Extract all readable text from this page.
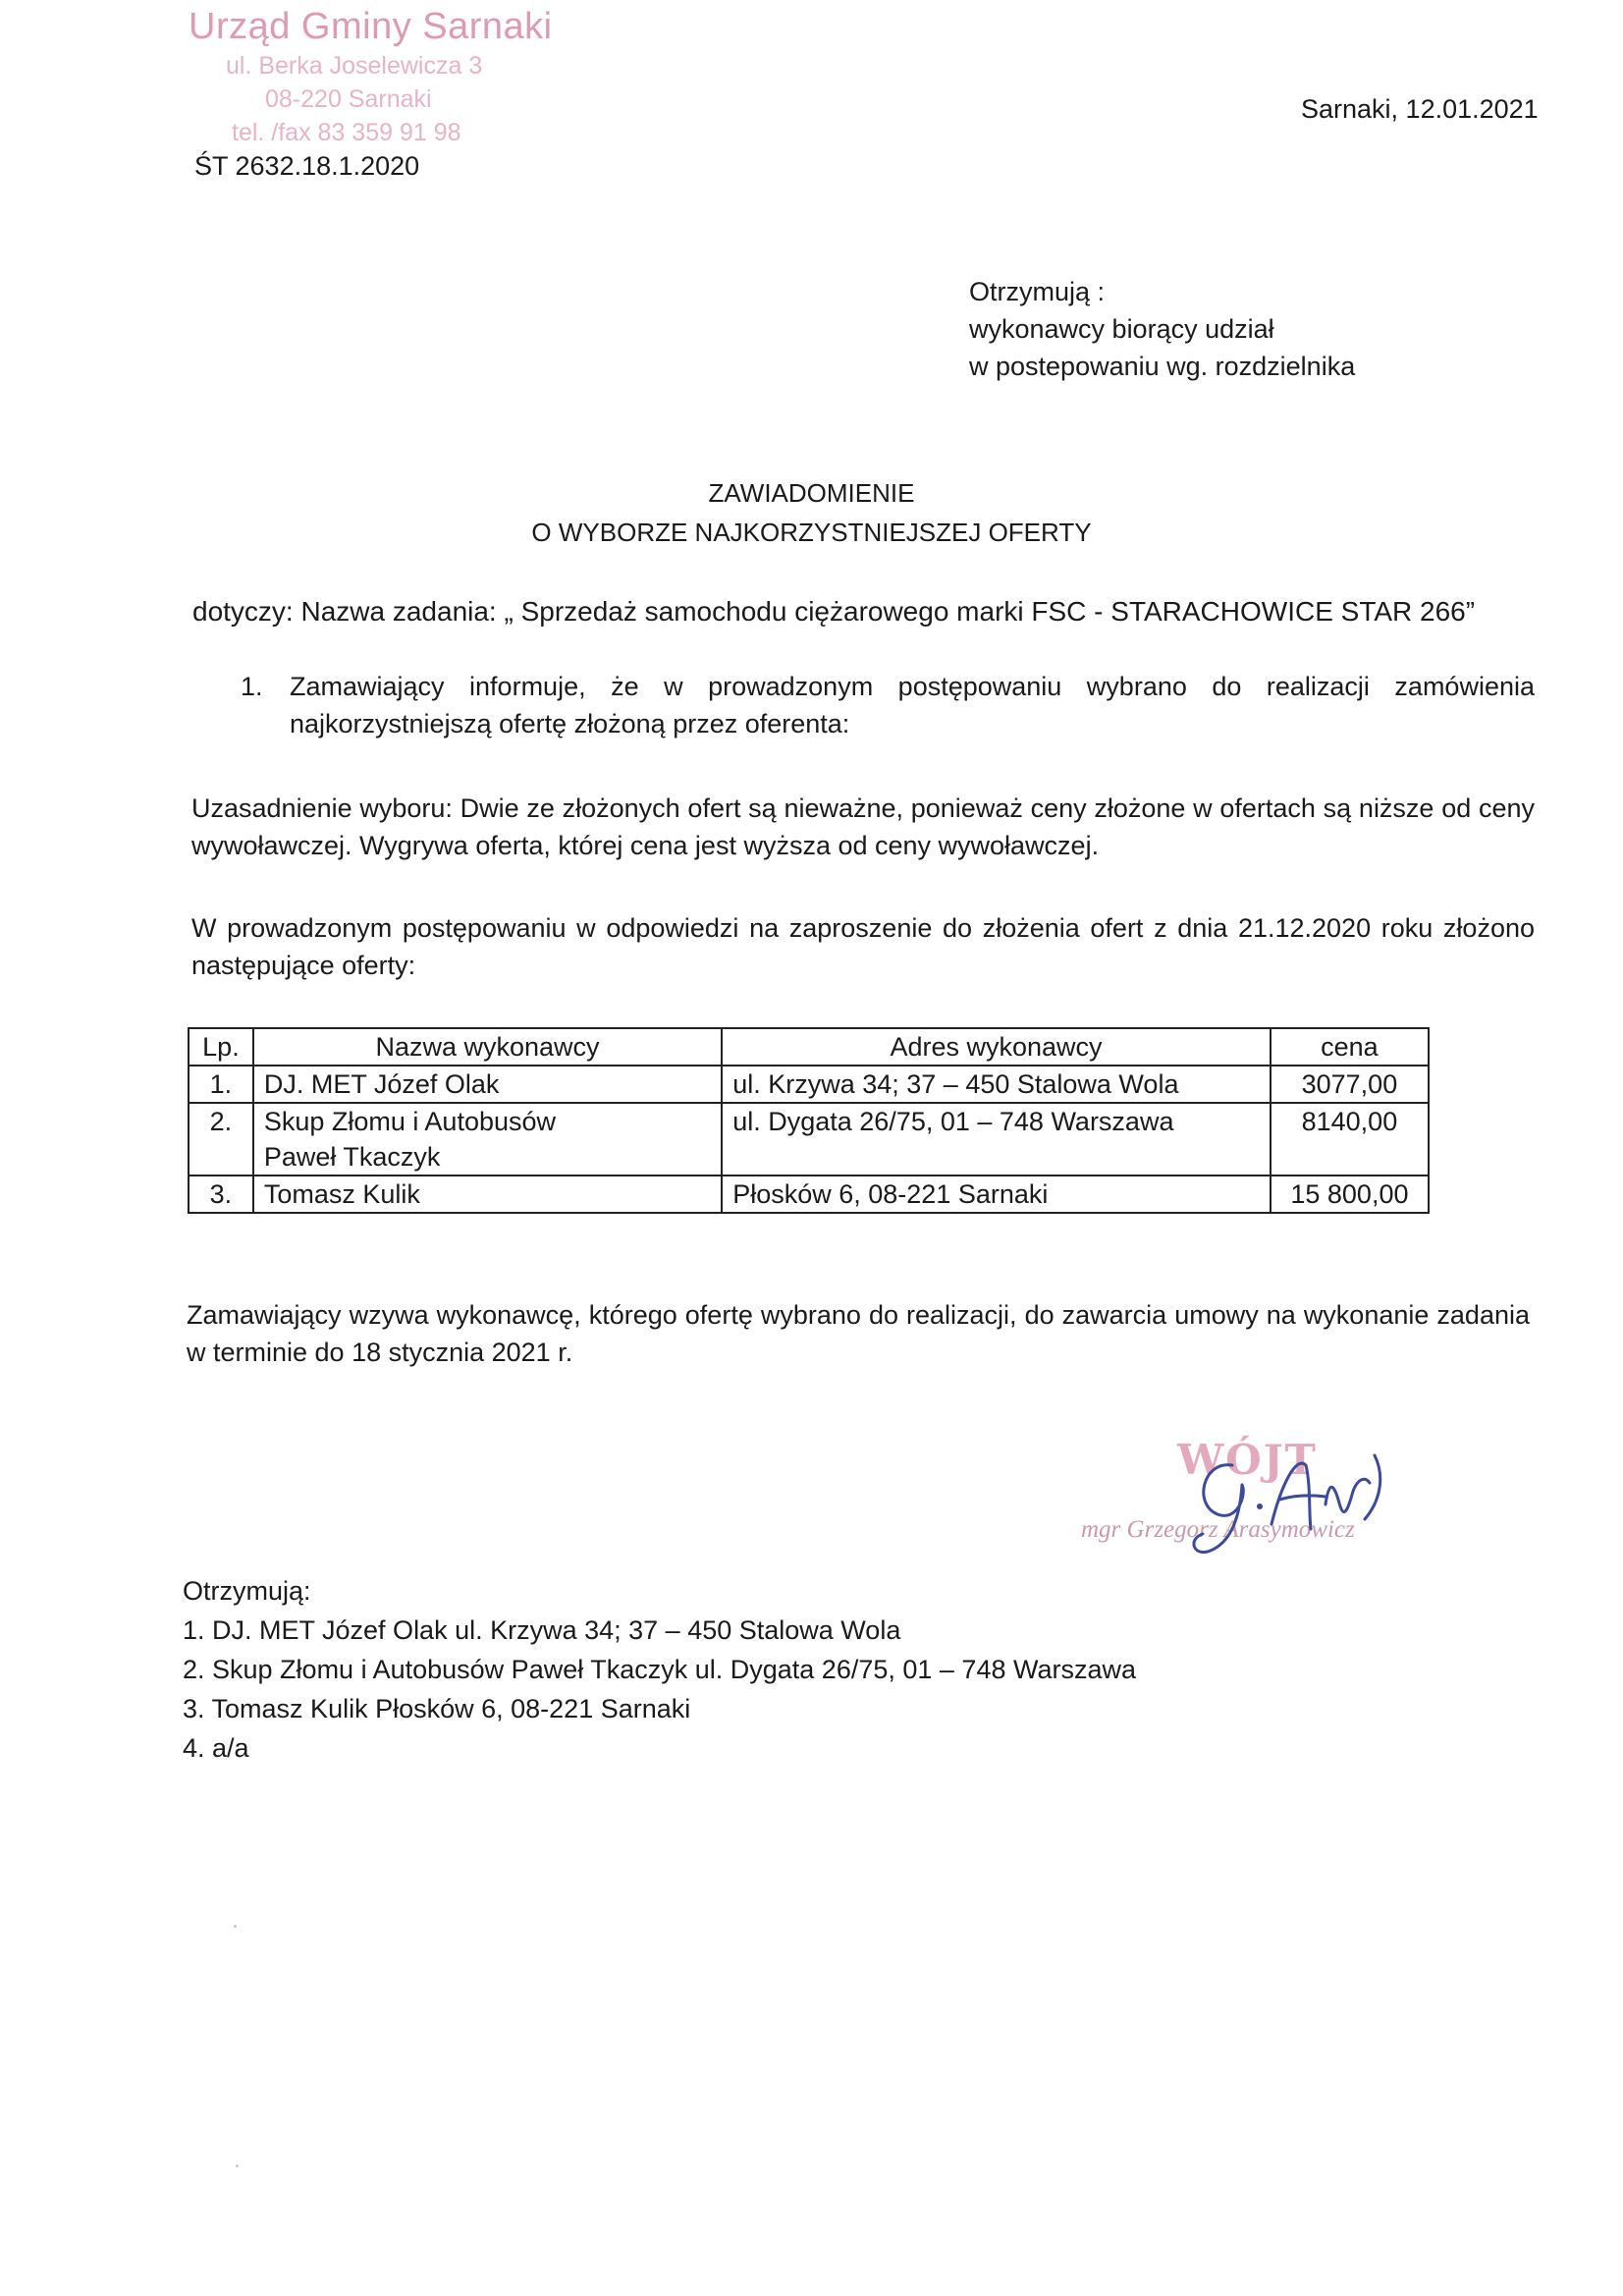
Urząd Gminy Sarnaki
ul. Berka Joselewicza 3
08-220 Sarnaki
tel. /fax 83 359 91 98
ŚT 2632.18.1.2020
Sarnaki, 12.01.2021
Otrzymują :
wykonawcy biorący udział
w postepowaniu wg. rozdzielnika
ZAWIADOMIENIE
O WYBORZE NAJKORZYSTNIEJSZEJ OFERTY
dotyczy: Nazwa zadania: „ Sprzedaż samochodu ciężarowego marki FSC - STARACHOWICE STAR 266”
1. Zamawiający informuje, że w prowadzonym postępowaniu wybrano do realizacji zamówienia najkorzystniejszą ofertę złożoną przez oferenta:
Uzasadnienie wyboru: Dwie ze złożonych ofert są nieważne, ponieważ ceny złożone w ofertach są niższe od ceny wywoławczej. Wygrywa oferta, której cena jest wyższa od ceny wywoławczej.
W prowadzonym postępowaniu w odpowiedzi na zaproszenie do złożenia ofert z dnia 21.12.2020 roku złożono następujące oferty:
Lp.	Nazwa wykonawcy	Adres wykonawcy	cena
1.	DJ. MET Józef Olak	ul. Krzywa 34; 37 – 450 Stalowa Wola	3077,00
2.	Skup Złomu i Autobusów
Paweł Tkaczyk	ul. Dygata 26/75, 01 – 748 Warszawa	8140,00
3.	Tomasz Kulik	Płosków 6, 08-221 Sarnaki	15 800,00
Zamawiający wzywa wykonawcę, którego ofertę wybrano do realizacji, do zawarcia umowy na wykonanie zadania w terminie do 18 stycznia 2021 r.
WÓJT
mgr Grzegorz Arasymowicz
Otrzymują:
1. DJ. MET Józef Olak ul. Krzywa 34; 37 – 450 Stalowa Wola
2. Skup Złomu i Autobusów Paweł Tkaczyk ul. Dygata 26/75, 01 – 748 Warszawa
3. Tomasz Kulik Płosków 6, 08-221 Sarnaki
4. a/a
